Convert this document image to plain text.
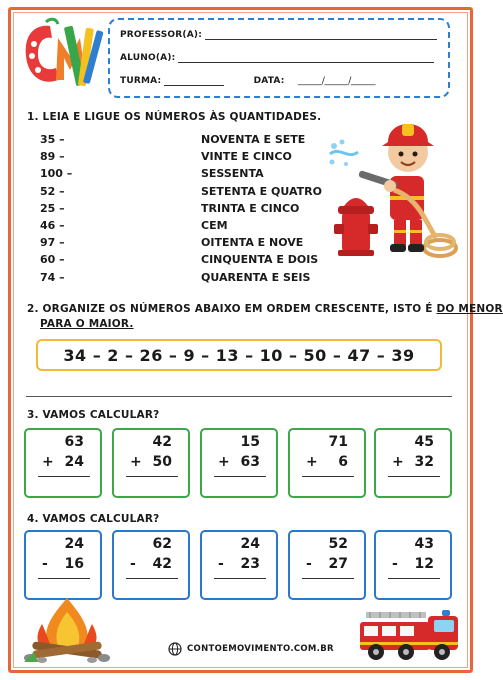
PROFESSOR(A):
ALUNO(A):
TURMA:	DATA: ______/______/______
1. LEIA E LIGUE OS NÚMEROS ÀS QUANTIDADES.
35 –
89 –
100 –
52 –
25 –
46 –
97 –
60 –
74 –
NOVENTA E SETE
VINTE E CINCO
SESSENTA
SETENTA E QUATRO
TRINTA E CINCO
CEM
OITENTA E NOVE
CINQUENTA E DOIS
QUARENTA E SEIS
2. ORGANIZE OS NÚMEROS ABAIXO EM ORDEM CRESCENTE, ISTO É DO MENOR
PARA O MAIOR.
34 – 2 – 26 – 9 – 13 – 10 – 50 – 47 – 39
3. VAMOS CALCULAR?
63
+ 24
42
+ 50
15
+ 63
71
+ 6
45
+ 32
4. VAMOS CALCULAR?
24
- 16
62
- 42
24
- 23
52
- 27
43
- 12
CONTOEMOVIMENTO.COM.BR
